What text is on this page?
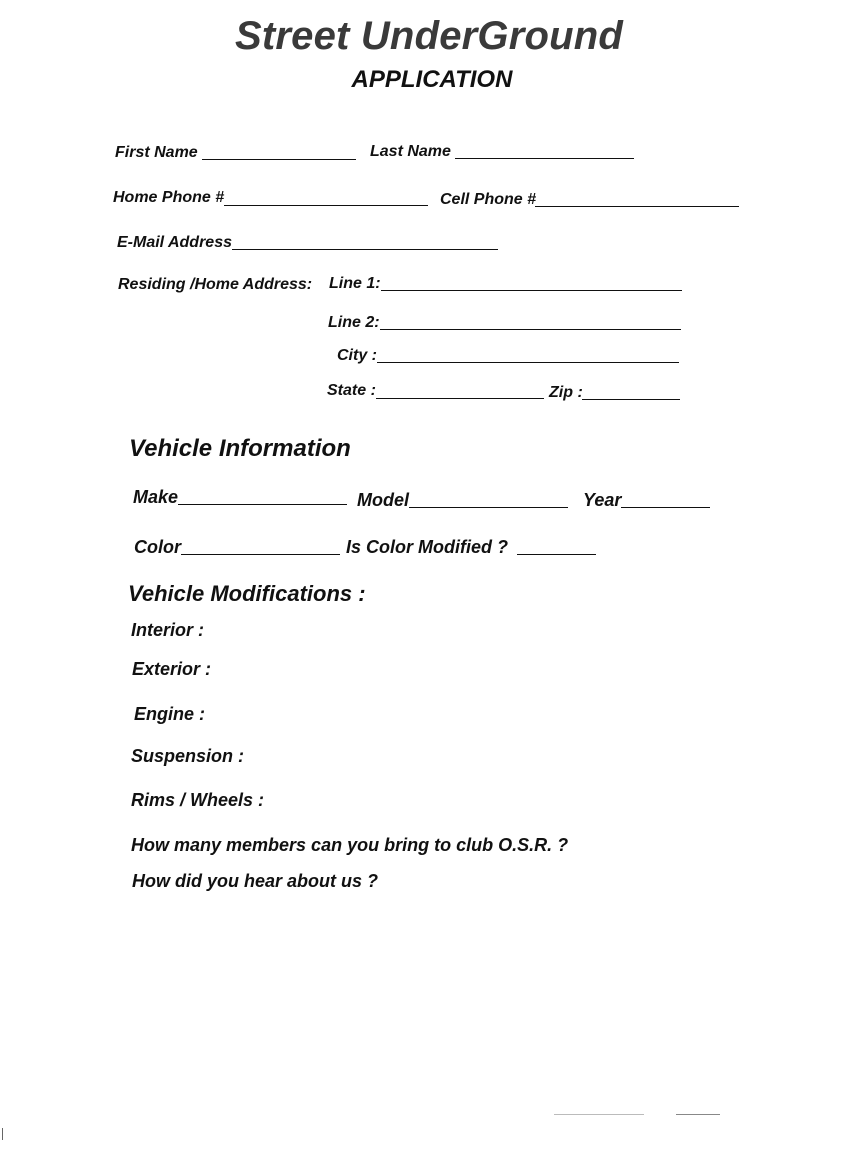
Street UnderGround
APPLICATION
First Name	Last Name
Home Phone #	Cell Phone #
E-Mail Address
Residing /Home Address: Line 1:
Line 2:
City :
State :	Zip :
Vehicle Information
Make	Model	Year
Color	Is Color Modified ?
Vehicle Modifications :
Interior :
Exterior :
Engine :
Suspension :
Rims / Wheels :
How many members can you bring to club O.S.R. ?
How did you hear about us ?
